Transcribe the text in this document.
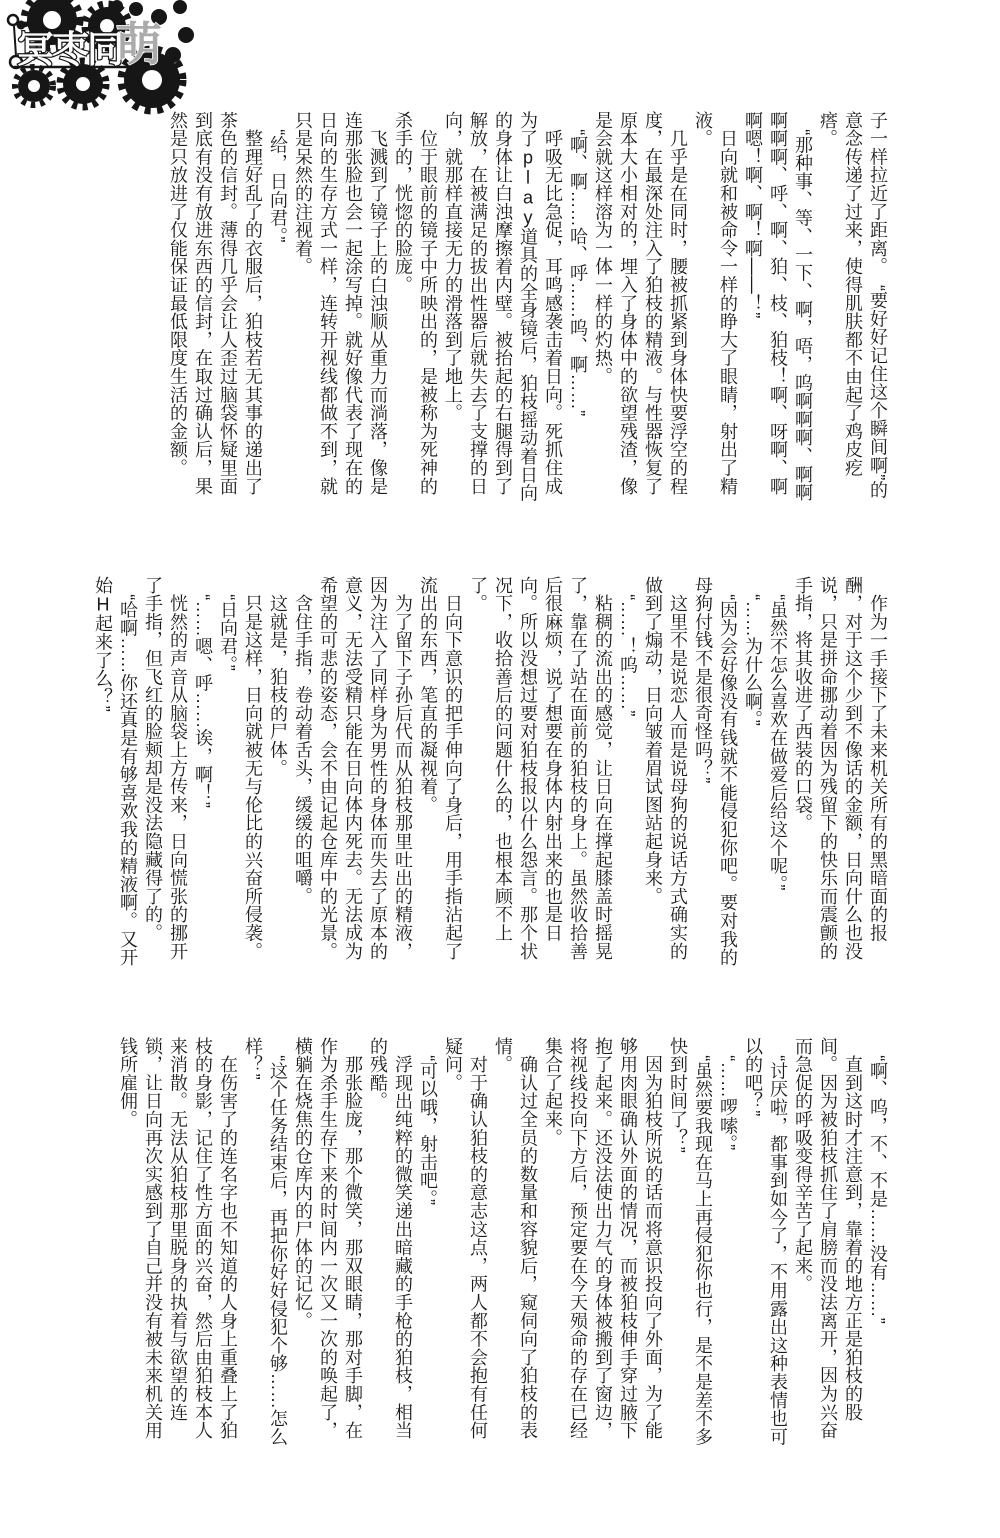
冥枣同
萌

子一样拉近了距离。　“要好好记住这个瞬间啊”的意念传递了过来，使得肌肤都不由起了鸡皮疙瘩。

　“那种事、等、一下、啊，唔，呜啊啊啊、啊啊啊啊啊、呼、啊、狛、枝、狛枝！啊、呀啊、啊啊嗯！啊、啊！啊——！”

　日向就和被命令一样的睁大了眼睛，射出了精液。

　几乎是在同时，腰被抓紧到身体快要浮空的程度，在最深处注入了狛枝的精液。与性器恢复了原本大小相对的，埋入了身体中的欲望残渣，像是会就这样溶为一体一样的灼热。

　“啊、啊……哈、呼……呜、啊……”

　呼吸无比急促，耳鸣感袭击着日向。死抓住成为了play道具的全身镜后，狛枝摇动着日向的身体让白浊摩擦着内壁。被抬起的右腿得到了解放，在被满足的拔出性器后就失去了支撑的日向，就那样直接无力的滑落到了地上。

　位于眼前的镜子中所映出的，是被称为死神的杀手的，恍惚的脸庞。

　飞溅到了镜子上的白浊顺从重力而淌落，像是连那张脸也会一起涂写掉。就好像代表了现在的日向的生存方式一样，连转开视线都做不到，就只是呆然的注视着。

　“给，日向君。”

　整理好乱了的衣服后，狛枝若无其事的递出了茶色的信封。薄得几乎会让人歪过脑袋怀疑里面到底有没有放进东西的信封，在取过确认后，果然是只放进了仅能保证最低限度生活的金额。

　作为一手接下了未来机关所有的黑暗面的报酬，对于这个少到不像话的金额，日向什么也没说，只是拼命挪动着因为残留下的快乐而震颤的手指，将其收进了西装的口袋。

　“虽然不怎么喜欢在做爱后给这个呢。”

　“……为什么啊。”

　“因为会好像没有钱就不能侵犯你吧。要对我的母狗付钱不是很奇怪吗？”

　这里不是说恋人而是说母狗的说话方式确实的做到了煽动，日向皱着眉试图站起身来。

　“……！呜……”

　粘稠的流出的感觉，让日向在撑起膝盖时摇晃了，靠在了站在面前的狛枝的身上。虽然收拾善后很麻烦，说了想要在身体内射出来的也是日向。所以没想过要对狛枝报以什么怨言。那个状况下，收拾善后的问题什么的，也根本顾不上了。

　日向下意识的把手伸向了身后，用手指沾起了流出的东西，笔直的凝视着。

　为了留下子孙后代而从狛枝那里吐出的精液，因为注入了同样身为男性的身体而失去了原本的意义，无法受精只能在日向体内死去。无法成为希望的可悲的姿态，会不由记起仓库中的光景。

　含住手指，卷动着舌头，缓缓的咀嚼。

　这就是，狛枝的尸体。

　只是这样，日向就被无与伦比的兴奋所侵袭。

　“日向君。”

　“……嗯、呼……诶，啊！”

　恍然的声音从脑袋上方传来，日向慌张的挪开了手指，但飞红的脸颊却是没法隐藏得了的。

　“哈啊……你还真是有够喜欢我的精液啊。又开始H起来了么？”

　“啊、呜，不、不是……没有……”

　直到这时才注意到，靠着的地方正是狛枝的股间。因为被狛枝抓住了肩膀而没法离开，因为兴奋而急促的呼吸变得辛苦了起来。

　“讨厌啦，都事到如今了，不用露出这种表情也可以的吧？”

　“……啰嗦。”

　“虽然要我现在马上再侵犯你也行，是不是差不多快到时间了？”

　因为狛枝所说的话而将意识投向了外面，为了能够用肉眼确认外面的情况，而被狛枝伸手穿过腋下抱了起来。还没法使出力气的身体被搬到了窗边，将视线投向下方后，预定要在今天殒命的存在已经集合了起来。

　确认过全员的数量和容貌后，窥伺向了狛枝的表情。

　对于确认狛枝的意志这点，两人都不会抱有任何疑问。

　“可以哦，射击吧。”

　浮现出纯粹的微笑递出暗藏的手枪的狛枝，相当的残酷。

　那张脸庞，那个微笑，那双眼睛，那对手脚，在作为杀手生存下来的时间内一次又一次的唤起了，横躺在烧焦的仓库内的尸体的记忆。

　“这个任务结束后，再把你好好侵犯个够……怎么样？”

　在伤害了的连名字也不知道的人身上重叠上了狛枝的身影，记住了性方面的兴奋，然后由狛枝本人来消散。无法从狛枝那里脱身的执着与欲望的连锁，让日向再次实感到了自己并没有被未来机关用钱所雇佣。
